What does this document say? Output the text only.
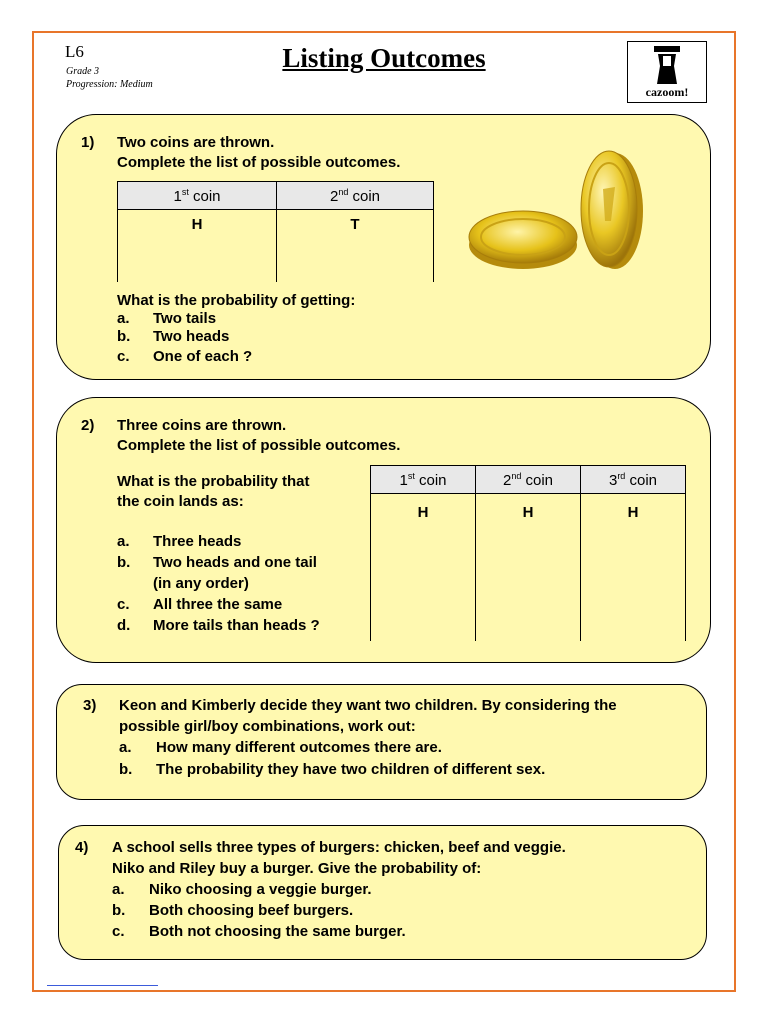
L6
Grade 3
Progression: Medium
Listing Outcomes
cazoom!
1) Two coins are thrown.
Complete the list of possible outcomes.
1st coin	2nd coin
H	T
What is the probability of getting:
a. Two tails
b. Two heads
c. One of each ?
2) Three coins are thrown.
Complete the list of possible outcomes.
What is the probability that
the coin lands as:
a. Three heads
b. Two heads and one tail
(in any order)
c. All three the same
d. More tails than heads ?
1st coin	2nd coin	3rd coin
H	H	H
3) Keon and Kimberly decide they want two children. By considering the
possible girl/boy combinations, work out:
a. How many different outcomes there are.
b. The probability they have two children of different sex.
4) A school sells three types of burgers: chicken, beef and veggie.
Niko and Riley buy a burger. Give the probability of:
a. Niko choosing a veggie burger.
b. Both choosing beef burgers.
c. Both not choosing the same burger.
